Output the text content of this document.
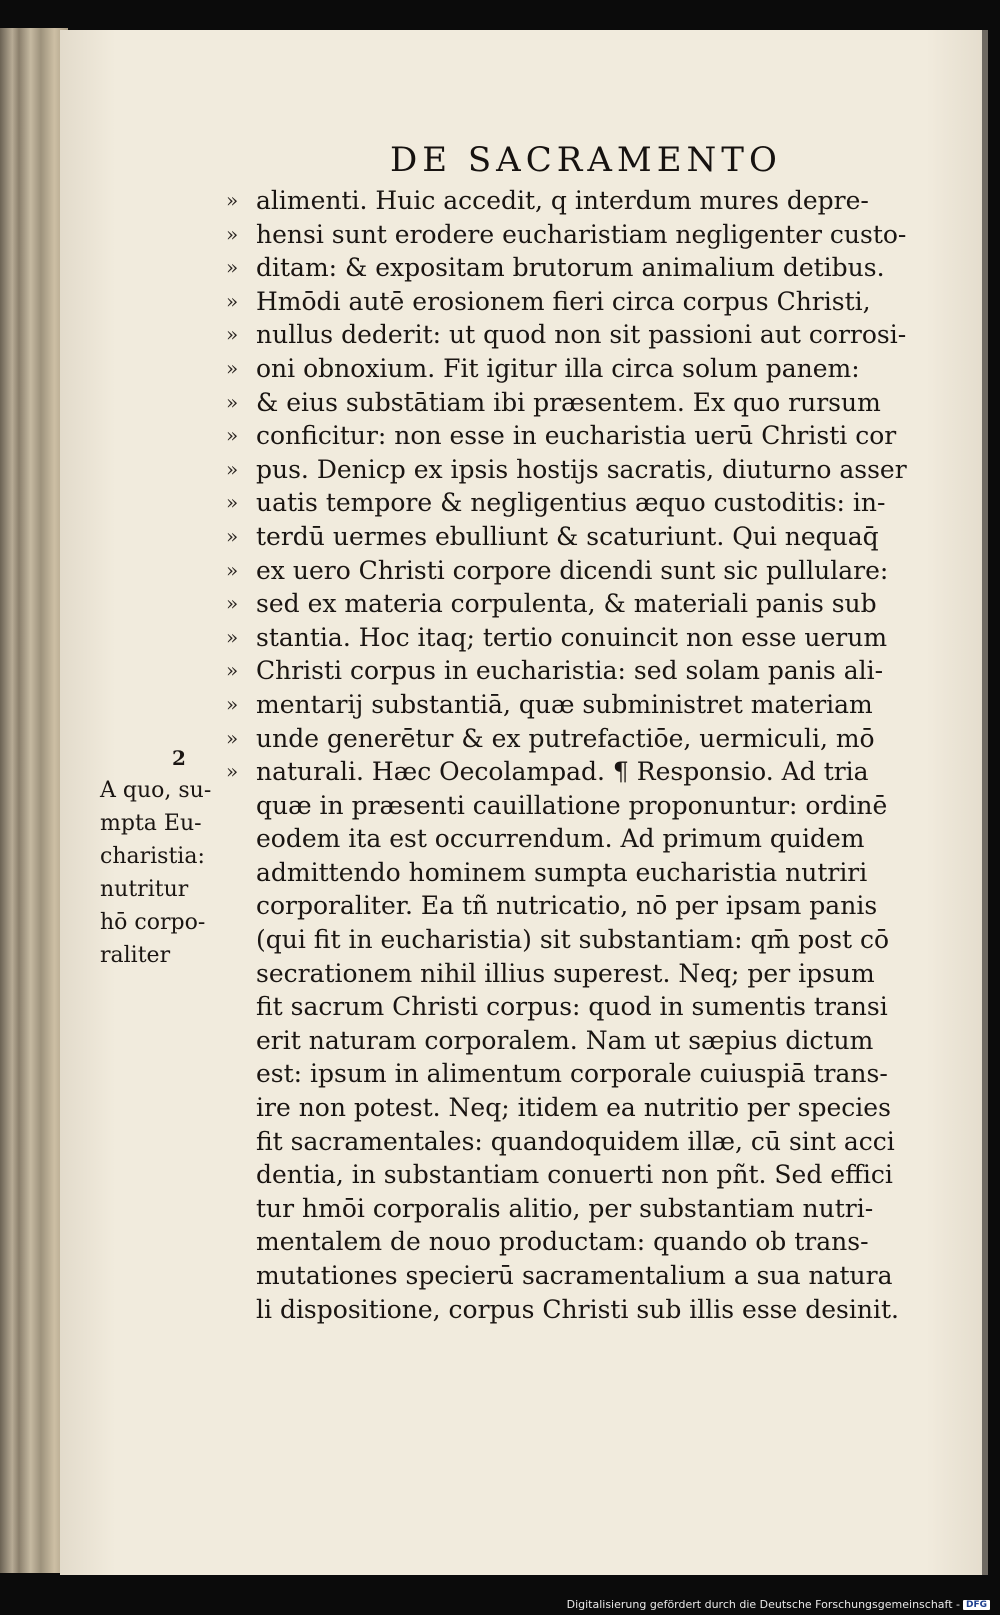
DE SACRAMENTO
»
»
»
»
»
»
»
»
»
»
»
»
»
»
»
»
»
»
alimenti. Huic accedit, q interdum mures depre-
hensi sunt erodere eucharistiam negligenter custo-
ditam: & expositam brutorum animalium detibus.
Hmōdi autē erosionem fieri circa corpus Christi,
nullus dederit: ut quod non sit passioni aut corrosi-
oni obnoxium. Fit igitur illa circa solum panem:
& eius substātiam ibi præsentem. Ex quo rursum
conficitur: non esse in eucharistia uerū Christi cor
pus. Denicp ex ipsis hostijs sacratis, diuturno asser
uatis tempore & negligentius æquo custoditis: in-
terdū uermes ebulliunt & scaturiunt. Qui nequaq̄
ex uero Christi corpore dicendi sunt sic pullulare:
sed ex materia corpulenta, & materiali panis sub
stantia. Hoc itaq; tertio conuincit non esse uerum
Christi corpus in eucharistia: sed solam panis ali-
mentarij substantiā, quæ subministret materiam
unde generētur & ex putrefactiōe, uermiculi, mō
naturali. Hæc Oecolampad. ¶ Responsio. Ad tria
quæ in præsenti cauillatione proponuntur: ordinē
eodem ita est occurrendum. Ad primum quidem
admittendo hominem sumpta eucharistia nutriri
corporaliter. Ea tñ nutricatio, nō per ipsam panis
(qui fit in eucharistia) sit substantiam: qm̄ post cō
secrationem nihil illius superest. Neq; per ipsum
fit sacrum Christi corpus: quod in sumentis transi
erit naturam corporalem. Nam ut sæpius dictum
est: ipsum in alimentum corporale cuiuspiā trans-
ire non potest. Neq; itidem ea nutritio per species
fit sacramentales: quandoquidem illæ, cū sint acci
dentia, in substantiam conuerti non pñt. Sed effici
tur hmōi corporalis alitio, per substantiam nutri-
mentalem de nouo productam: quando ob trans-
mutationes specierū sacramentalium a sua natura
li dispositione, corpus Christi sub illis esse desinit.
2
A quo, su-
mpta Eu-
charistia:
nutritur
hō corpo-
raliter
Digitalisierung gefördert durch die Deutsche Forschungsgemeinschaft - DFG
